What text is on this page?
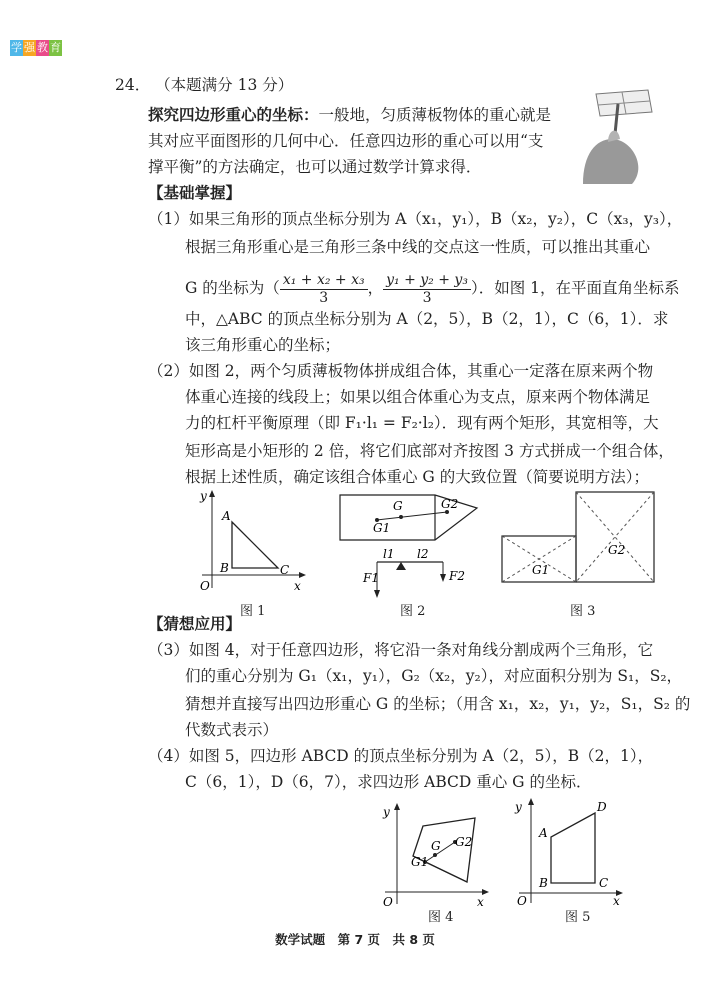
学 强 教 育
24． （本题满分 13 分）
探究四边形重心的坐标：一般地，匀质薄板物体的重心就是
其对应平面图形的几何中心．任意四边形的重心可以用“支
撑平衡”的方法确定，也可以通过数学计算求得．
【基础掌握】
（1）如果三角形的顶点坐标分别为 A（x₁，y₁），B（x₂，y₂），C（x₃，y₃），
根据三角形重心是三角形三条中线的交点这一性质，可以推出其重心
G 的坐标为（ $\frac{\text{x₁ + x₂ + x₃}}{3}$ ， $\frac{\text{y₁ + y₂ + y₃}}{3}$ ）．如图 1，在平面直角坐标系
中，△ABC 的顶点坐标分别为 A（2，5），B（2，1），C（6，1）．求
该三角形重心的坐标；
（2）如图 2，两个匀质薄板物体拼成组合体，其重心一定落在原来两个物
体重心连接的线段上；如果以组合体重心为支点，原来两个物体满足
力的杠杆平衡原理（即 F₁·l₁ = F₂·l₂）．现有两个矩形，其宽相等，大
矩形高是小矩形的 2 倍，将它们底部对齐按图 3 方式拼成一个组合体，
根据上述性质，确定该组合体重心 G 的大致位置（简要说明方法）；
y
x
O
A
B	C
图 1
G
G1
G2
l1 l2
F1	F2
图 2
G1
G2
图 3
【猜想应用】
（3）如图 4，对于任意四边形，将它沿一条对角线分割成两个三角形，它
们的重心分别为 G₁（x₁，y₁），G₂（x₂，y₂），对应面积分别为 S₁，S₂，
猜想并直接写出四边形重心 G 的坐标；（用含 x₁，x₂，y₁，y₂，S₁，S₂ 的
代数式表示）
（4）如图 5，四边形 ABCD 的顶点坐标分别为 A（2，5），B（2，1），
C（6，1），D（6，7），求四边形 ABCD 重心 G 的坐标．
y
x
O
G
G1
G2
图 4
y
x
O
A
B	C
D
图 5
数学试题　第 7 页　共 8 页
